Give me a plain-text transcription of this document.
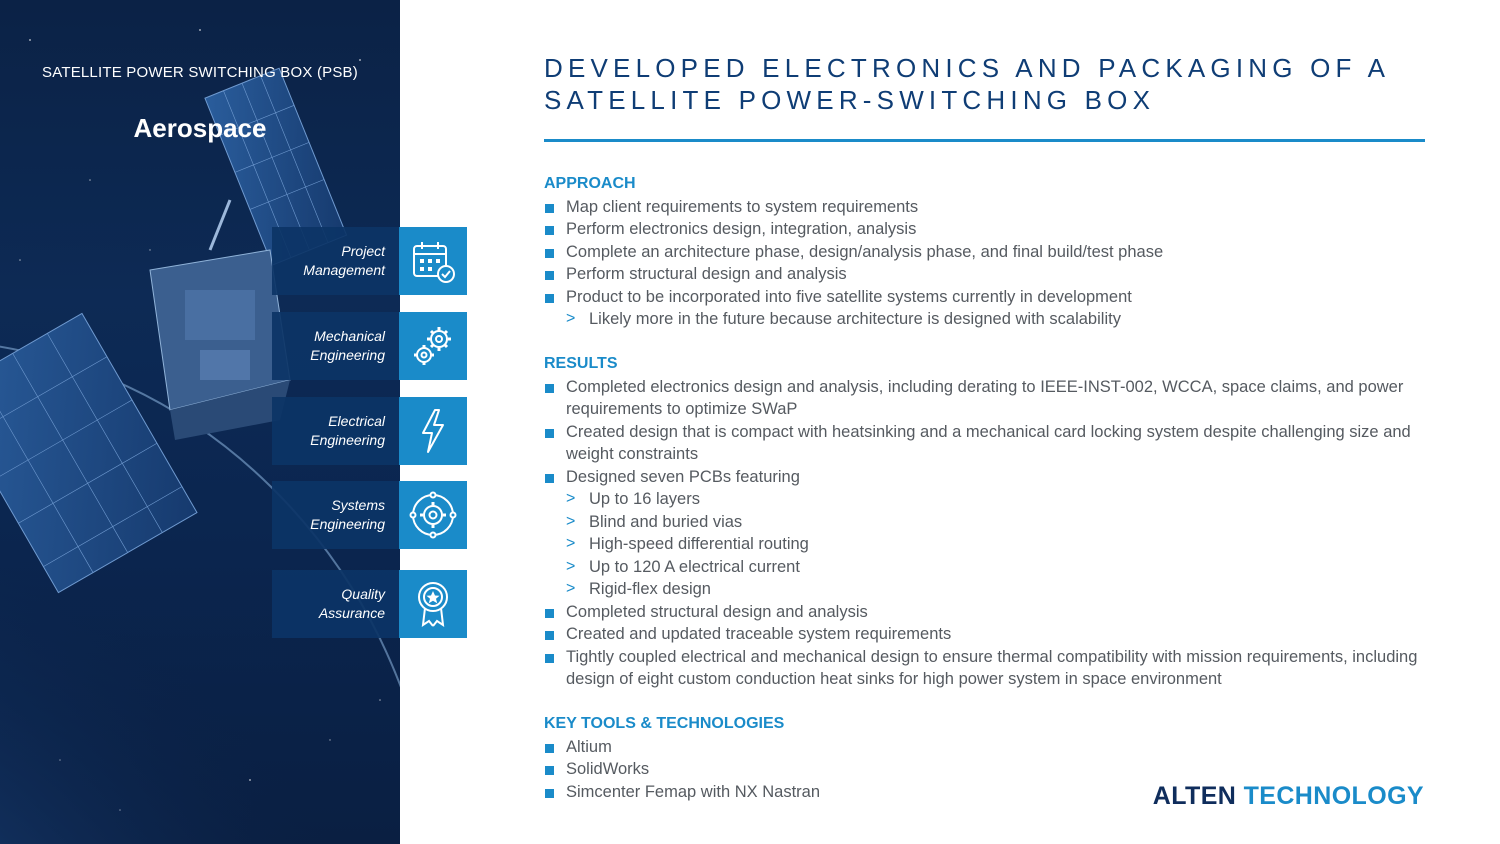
SATELLITE POWER SWITCHING BOX (PSB)
Aerospace
Project
Management
Mechanical
Engineering
Electrical
Engineering
Systems
Engineering
Quality
Assurance
DEVELOPED ELECTRONICS AND PACKAGING OF A
SATELLITE POWER-SWITCHING BOX

APPROACH

Map client requirements to system requirements
Perform electronics design, integration, analysis
Complete an architecture phase, design/analysis phase, and final build/test phase
Perform structural design and analysis
Product to be incorporated into five satellite systems currently in development
> Likely more in the future because architecture is designed with scalability

RESULTS

Completed electronics design and analysis, including derating to IEEE-INST-002, WCCA, space claims, and power requirements to optimize SWaP
Created design that is compact with heatsinking and a mechanical card locking system despite challenging size and weight constraints
Designed seven PCBs featuring
> Up to 16 layers
> Blind and buried vias
> High-speed differential routing
> Up to 120 A electrical current
> Rigid-flex design
Completed structural design and analysis
Created and updated traceable system requirements
Tightly coupled electrical and mechanical design to ensure thermal compatibility with mission requirements, including design of eight custom conduction heat sinks for high power system in space environment

KEY TOOLS & TECHNOLOGIES

Altium
SolidWorks
Simcenter Femap with NX Nastran	ALTEN TECHNOLOGY
